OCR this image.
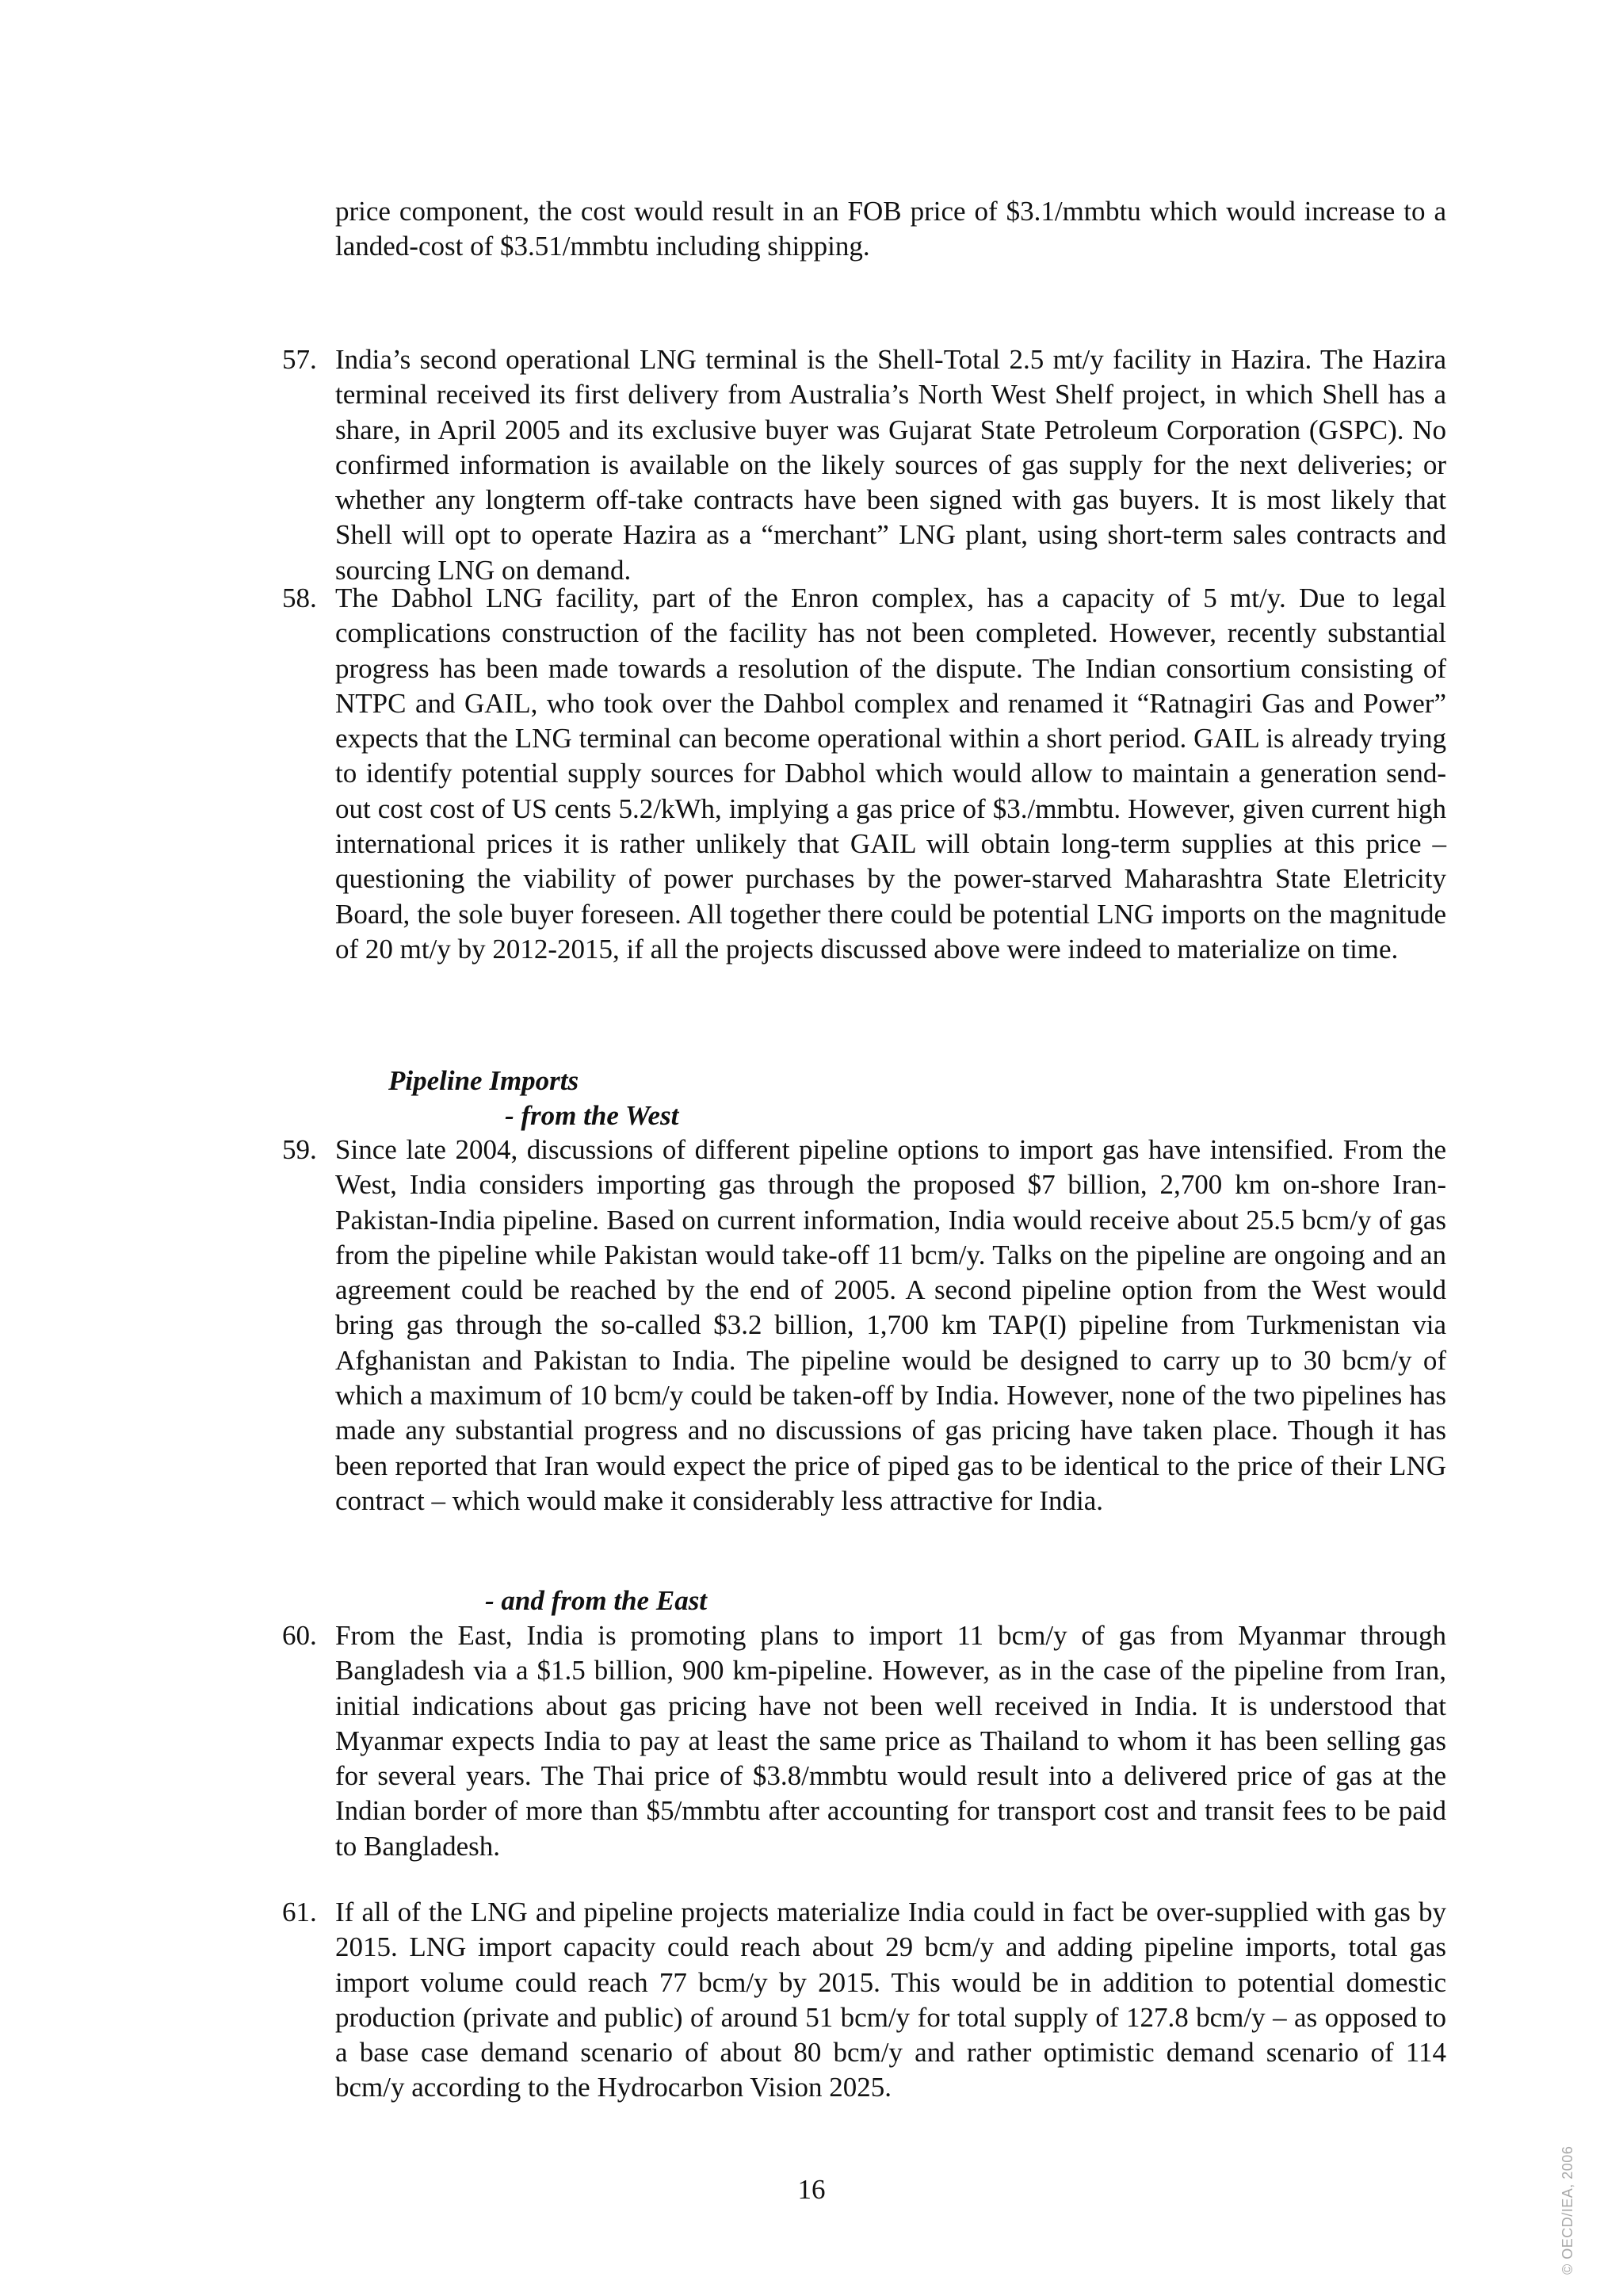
price component, the cost would result in an FOB price of $3.1/mmbtu which would increase to a landed-cost of $3.51/mmbtu including shipping.

57. India’s second operational LNG terminal is the Shell-Total 2.5 mt/y facility in Hazira. The Hazira terminal received its first delivery from Australia’s North West Shelf project, in which Shell has a share, in April 2005 and its exclusive buyer was Gujarat State Petroleum Corporation (GSPC). No confirmed information is available on the likely sources of gas supply for the next deliveries; or whether any longterm off-take contracts have been signed with gas buyers. It is most likely that Shell will opt to operate Hazira as a “merchant” LNG plant, using short-term sales contracts and sourcing LNG on demand.
58. The Dabhol LNG facility, part of the Enron complex, has a capacity of 5 mt/y. Due to legal complications construction of the facility has not been completed. However, recently substantial progress has been made towards a resolution of the dispute. The Indian consortium consisting of NTPC and GAIL, who took over the Dahbol complex and renamed it “Ratnagiri Gas and Power” expects that the LNG terminal can become operational within a short period. GAIL is already trying to identify potential supply sources for Dabhol which would allow to maintain a generation send-out cost cost of US cents 5.2/kWh, implying a gas price of $3./mmbtu. However, given current high international prices it is rather unlikely that GAIL will obtain long-term supplies at this price – questioning the viability of power purchases by the power-starved Maharashtra State Eletricity Board, the sole buyer foreseen. All together there could be potential LNG imports on the magnitude of 20 mt/y by 2012-2015, if all the projects discussed above were indeed to materialize on time.
Pipeline Imports
- from the West
59. Since late 2004, discussions of different pipeline options to import gas have intensified. From the West, India considers importing gas through the proposed $7 billion, 2,700 km on-shore Iran-Pakistan-India pipeline. Based on current information, India would receive about 25.5 bcm/y of gas from the pipeline while Pakistan would take-off 11 bcm/y. Talks on the pipeline are ongoing and an agreement could be reached by the end of 2005. A second pipeline option from the West would bring gas through the so-called $3.2 billion, 1,700 km TAP(I) pipeline from Turkmenistan via Afghanistan and Pakistan to India. The pipeline would be designed to carry up to 30 bcm/y of which a maximum of 10 bcm/y could be taken-off by India. However, none of the two pipelines has made any substantial progress and no discussions of gas pricing have taken place. Though it has been reported that Iran would expect the price of piped gas to be identical to the price of their LNG contract – which would make it considerably less attractive for India.
- and from the East
60. From the East, India is promoting plans to import 11 bcm/y of gas from Myanmar through Bangladesh via a $1.5 billion, 900 km-pipeline. However, as in the case of the pipeline from Iran, initial indications about gas pricing have not been well received in India. It is understood that Myanmar expects India to pay at least the same price as Thailand to whom it has been selling gas for several years. The Thai price of $3.8/mmbtu would result into a delivered price of gas at the Indian border of more than $5/mmbtu after accounting for transport cost and transit fees to be paid to Bangladesh.
61. If all of the LNG and pipeline projects materialize India could in fact be over-supplied with gas by 2015. LNG import capacity could reach about 29 bcm/y and adding pipeline imports, total gas import volume could reach 77 bcm/y by 2015. This would be in addition to potential domestic production (private and public) of around 51 bcm/y for total supply of 127.8 bcm/y – as opposed to a base case demand scenario of about 80 bcm/y and rather optimistic demand scenario of 114 bcm/y according to the Hydrocarbon Vision 2025.
16	© OECD/IEA, 2006
